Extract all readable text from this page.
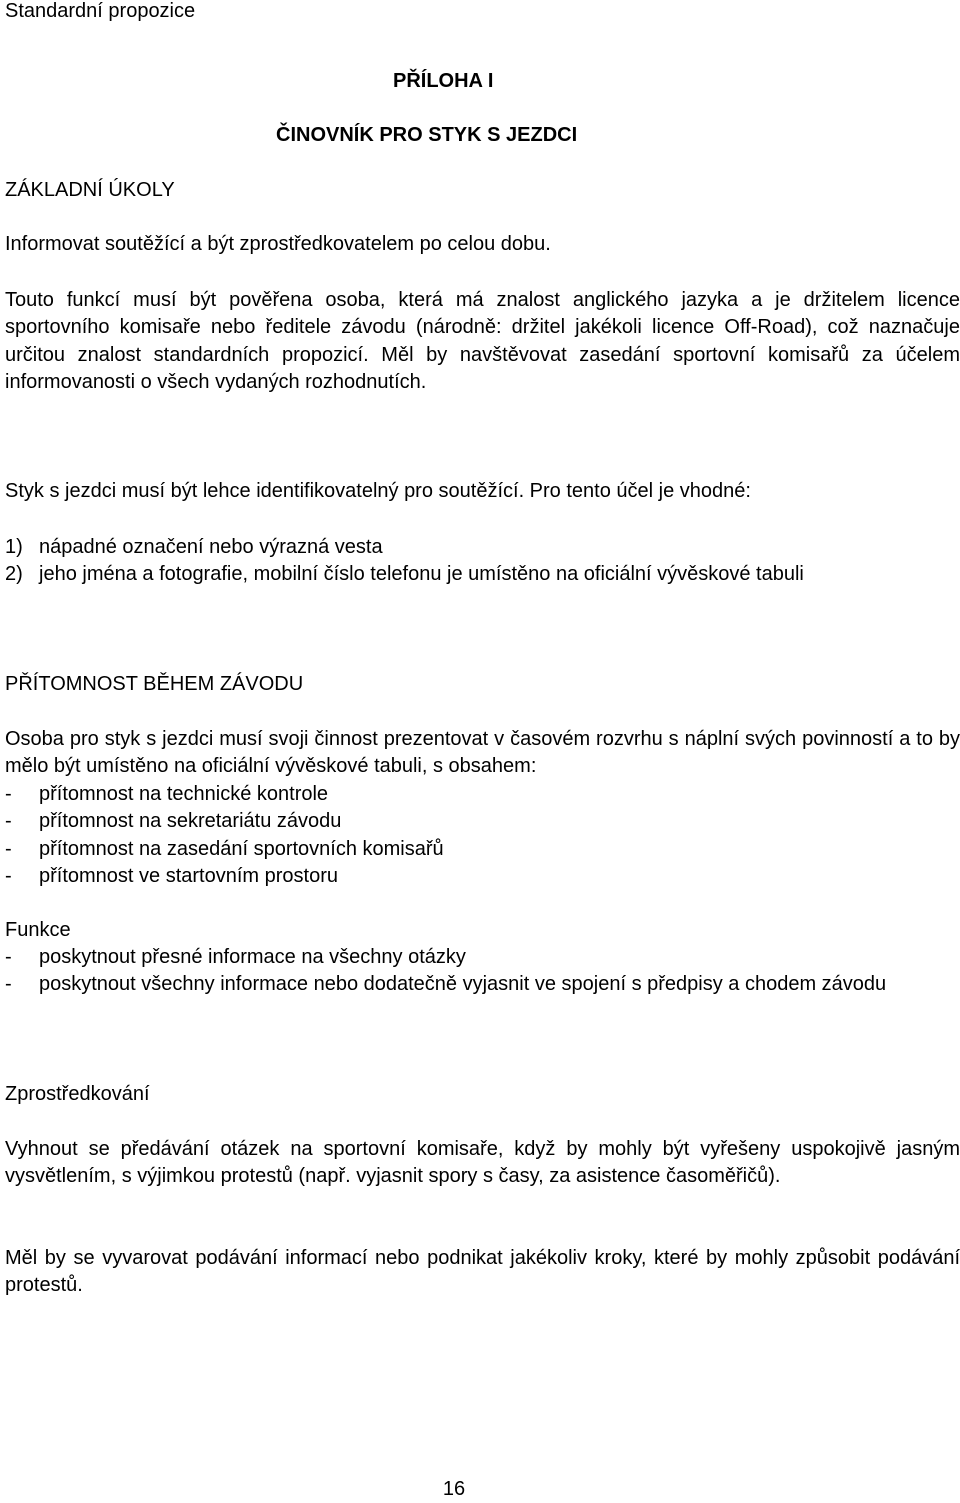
Standardní propozice
PŘÍLOHA I
ČINOVNÍK PRO STYK S JEZDCI
ZÁKLADNÍ ÚKOLY

Informovat soutěžící a být zprostředkovatelem po celou dobu.

Touto funkcí musí být pověřena osoba, která má znalost anglického jazyka a je držitelem licence sportovního komisaře nebo ředitele závodu (národně: držitel jakékoli licence Off-Road), což naznačuje určitou znalost standardních propozicí. Měl by navštěvovat zasedání sportovní komisařů za účelem informovanosti o všech vydaných rozhodnutích.

Styk s jezdci musí být lehce identifikovatelný pro soutěžící. Pro tento účel je vhodné:

1) nápadné označení nebo výrazná vesta
2) jeho jména a fotografie, mobilní číslo telefonu je umístěno na oficiální vývěskové tabuli
PŘÍTOMNOST BĚHEM ZÁVODU

Osoba pro styk s jezdci musí svoji činnost prezentovat v časovém rozvrhu s náplní svých povinností a to by mělo být umístěno na oficiální vývěskové tabuli, s obsahem:

- přítomnost na technické kontrole
- přítomnost na sekretariátu závodu
- přítomnost na zasedání sportovních komisařů
- přítomnost ve startovním prostoru
Funkce
- poskytnout přesné informace na všechny otázky
- poskytnout všechny informace nebo dodatečně vyjasnit ve spojení s předpisy a chodem závodu
Zprostředkování

Vyhnout se předávání otázek na sportovní komisaře, když by mohly být vyřešeny uspokojivě jasným vysvětlením, s výjimkou protestů (např. vyjasnit spory s časy, za asistence časoměřičů).

Měl by se vyvarovat podávání informací nebo podnikat jakékoliv kroky, které by mohly způsobit podávání protestů.

16
